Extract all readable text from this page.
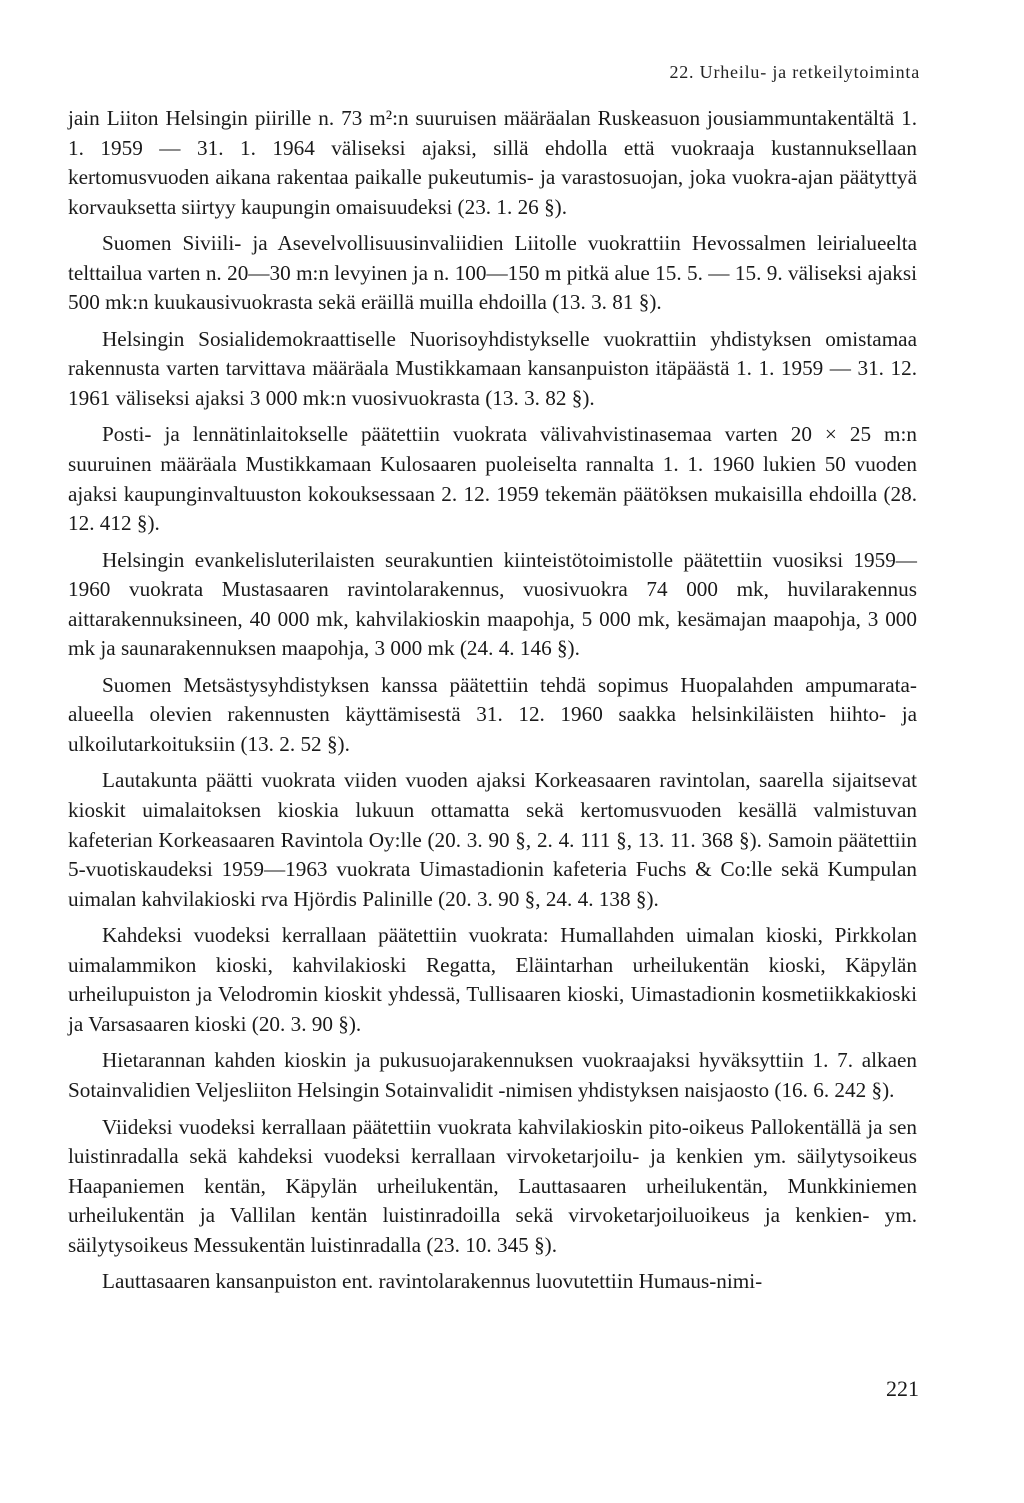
22. Urheilu- ja retkeilytoiminta

jain Liiton Helsingin piirille n. 73 m²:n suuruisen määräalan Ruskeasuon jousiammuntakentältä 1. 1. 1959 — 31. 1. 1964 väliseksi ajaksi, sillä ehdolla että vuokraaja kustannuksellaan kertomusvuoden aikana rakentaa paikalle pukeutumis- ja varastosuojan, joka vuokra-ajan päätyttyä korvauksetta siirtyy kaupungin omaisuudeksi (23. 1. 26 §).

Suomen Siviili- ja Asevelvollisuusinvaliidien Liitolle vuokrattiin Hevossalmen leirialueelta telttailua varten n. 20—30 m:n levyinen ja n. 100—150 m pitkä alue 15. 5. — 15. 9. väliseksi ajaksi 500 mk:n kuukausivuokrasta sekä eräillä muilla ehdoilla (13. 3. 81 §).

Helsingin Sosialidemokraattiselle Nuorisoyhdistykselle vuokrattiin yhdistyksen omistamaa rakennusta varten tarvittava määräala Mustikkamaan kansanpuiston itäpäästä 1. 1. 1959 — 31. 12. 1961 väliseksi ajaksi 3 000 mk:n vuosivuokrasta (13. 3. 82 §).

Posti- ja lennätinlaitokselle päätettiin vuokrata välivahvistinasemaa varten 20 × 25 m:n suuruinen määräala Mustikkamaan Kulosaaren puoleiselta rannalta 1. 1. 1960 lukien 50 vuoden ajaksi kaupunginvaltuuston kokouksessaan 2. 12. 1959 tekemän päätöksen mukaisilla ehdoilla (28. 12. 412 §).

Helsingin evankelisluterilaisten seurakuntien kiinteistötoimistolle päätettiin vuosiksi 1959—1960 vuokrata Mustasaaren ravintolarakennus, vuosivuokra 74 000 mk, huvilarakennus aittarakennuksineen, 40 000 mk, kahvilakioskin maapohja, 5 000 mk, kesämajan maapohja, 3 000 mk ja saunarakennuksen maapohja, 3 000 mk (24. 4. 146 §).

Suomen Metsästysyhdistyksen kanssa päätettiin tehdä sopimus Huopalahden ampumarata-alueella olevien rakennusten käyttämisestä 31. 12. 1960 saakka helsinkiläisten hiihto- ja ulkoilutarkoituksiin (13. 2. 52 §).

Lautakunta päätti vuokrata viiden vuoden ajaksi Korkeasaaren ravintolan, saarella sijaitsevat kioskit uimalaitoksen kioskia lukuun ottamatta sekä kertomusvuoden kesällä valmistuvan kafeterian Korkeasaaren Ravintola Oy:lle (20. 3. 90 §, 2. 4. 111 §, 13. 11. 368 §). Samoin päätettiin 5-vuotiskaudeksi 1959—1963 vuokrata Uimastadionin kafeteria Fuchs & Co:lle sekä Kumpulan uimalan kahvilakioski rva Hjördis Palinille (20. 3. 90 §, 24. 4. 138 §).

Kahdeksi vuodeksi kerrallaan päätettiin vuokrata: Humallahden uimalan kioski, Pirkkolan uimalammikon kioski, kahvilakioski Regatta, Eläintarhan urheilukentän kioski, Käpylän urheilupuiston ja Velodromin kioskit yhdessä, Tullisaaren kioski, Uimastadionin kosmetiikkakioski ja Varsasaaren kioski (20. 3. 90 §).

Hietarannan kahden kioskin ja pukusuojarakennuksen vuokraajaksi hyväksyttiin 1. 7. alkaen Sotainvalidien Veljesliiton Helsingin Sotainvalidit -nimisen yhdistyksen naisjaosto (16. 6. 242 §).

Viideksi vuodeksi kerrallaan päätettiin vuokrata kahvilakioskin pito-oikeus Pallokentällä ja sen luistinradalla sekä kahdeksi vuodeksi kerrallaan virvoketarjoilu- ja kenkien ym. säilytysoikeus Haapaniemen kentän, Käpylän urheilukentän, Lauttasaaren urheilukentän, Munkkiniemen urheilukentän ja Vallilan kentän luistinradoilla sekä virvoketarjoiluoikeus ja kenkien- ym. säilytysoikeus Messukentän luistinradalla (23. 10. 345 §).

Lauttasaaren kansanpuiston ent. ravintolarakennus luovutettiin Humaus-nimi-

221
